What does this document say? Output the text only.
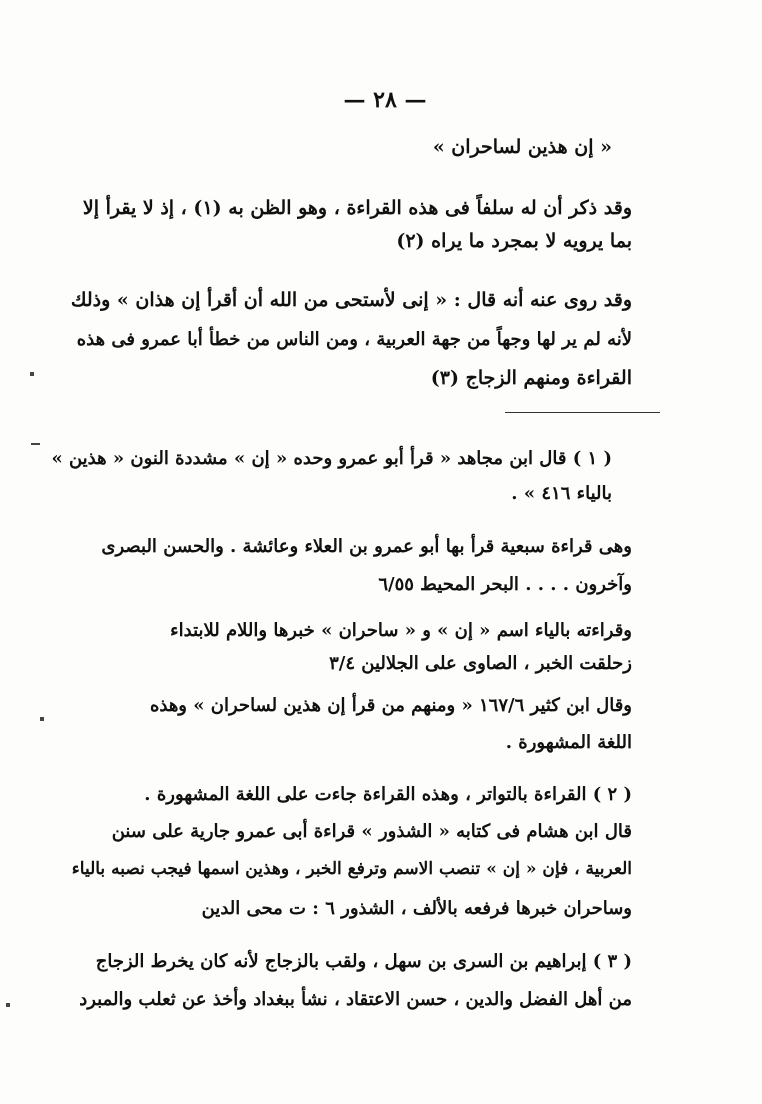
— ٢٨ —
« إن هذين لساحران »
وقد ذكر أن له سلفاً فى هذه القراءة ، وهو الظن به (١) ، إذ لا يقرأ إلا
بما يرويه لا بمجرد ما يراه (٢)
وقد روى عنه أنه قال : « إنى لأستحى من الله أن أقرأ إن هذان » وذلك
لأنه لم ير لها وجهاً من جهة العربية ، ومن الناس من خطأ أبا عمرو فى هذه
القراءة ومنهم الزجاج (٣)
( ١ ) قال ابن مجاهد « قرأ أبو عمرو وحده « إن » مشددة النون « هذين »
بالياء ٤١٦ » .
وهى قراءة سبعية قرأ بها أبو عمرو بن العلاء وعائشة . والحسن البصرى
وآخرون . . . . البحر المحيط ٦/٥٥
وقراءته بالياء اسم « إن » و « ساحران » خبرها واللام للابتداء
زحلقت الخبر ، الصاوى على الجلالين ٣/٤
وقال ابن كثير ١٦٧/٦ « ومنهم من قرأ إن هذين لساحران » وهذه
اللغة المشهورة .
( ٢ ) القراءة بالتواتر ، وهذه القراءة جاءت على اللغة المشهورة .
قال ابن هشام فى كتابه « الشذور » قراءة أبى عمرو جارية على سنن
العربية ، فإن « إن » تنصب الاسم وترفع الخبر ، وهذين اسمها فيجب نصبه بالياء
وساحران خبرها فرفعه بالألف ، الشذور ٦ : ت محى الدين
( ٣ ) إبراهيم بن السرى بن سهل ، ولقب بالزجاج لأنه كان يخرط الزجاج
من أهل الفضل والدين ، حسن الاعتقاد ، نشأ ببغداد وأخذ عن ثعلب والمبرد
